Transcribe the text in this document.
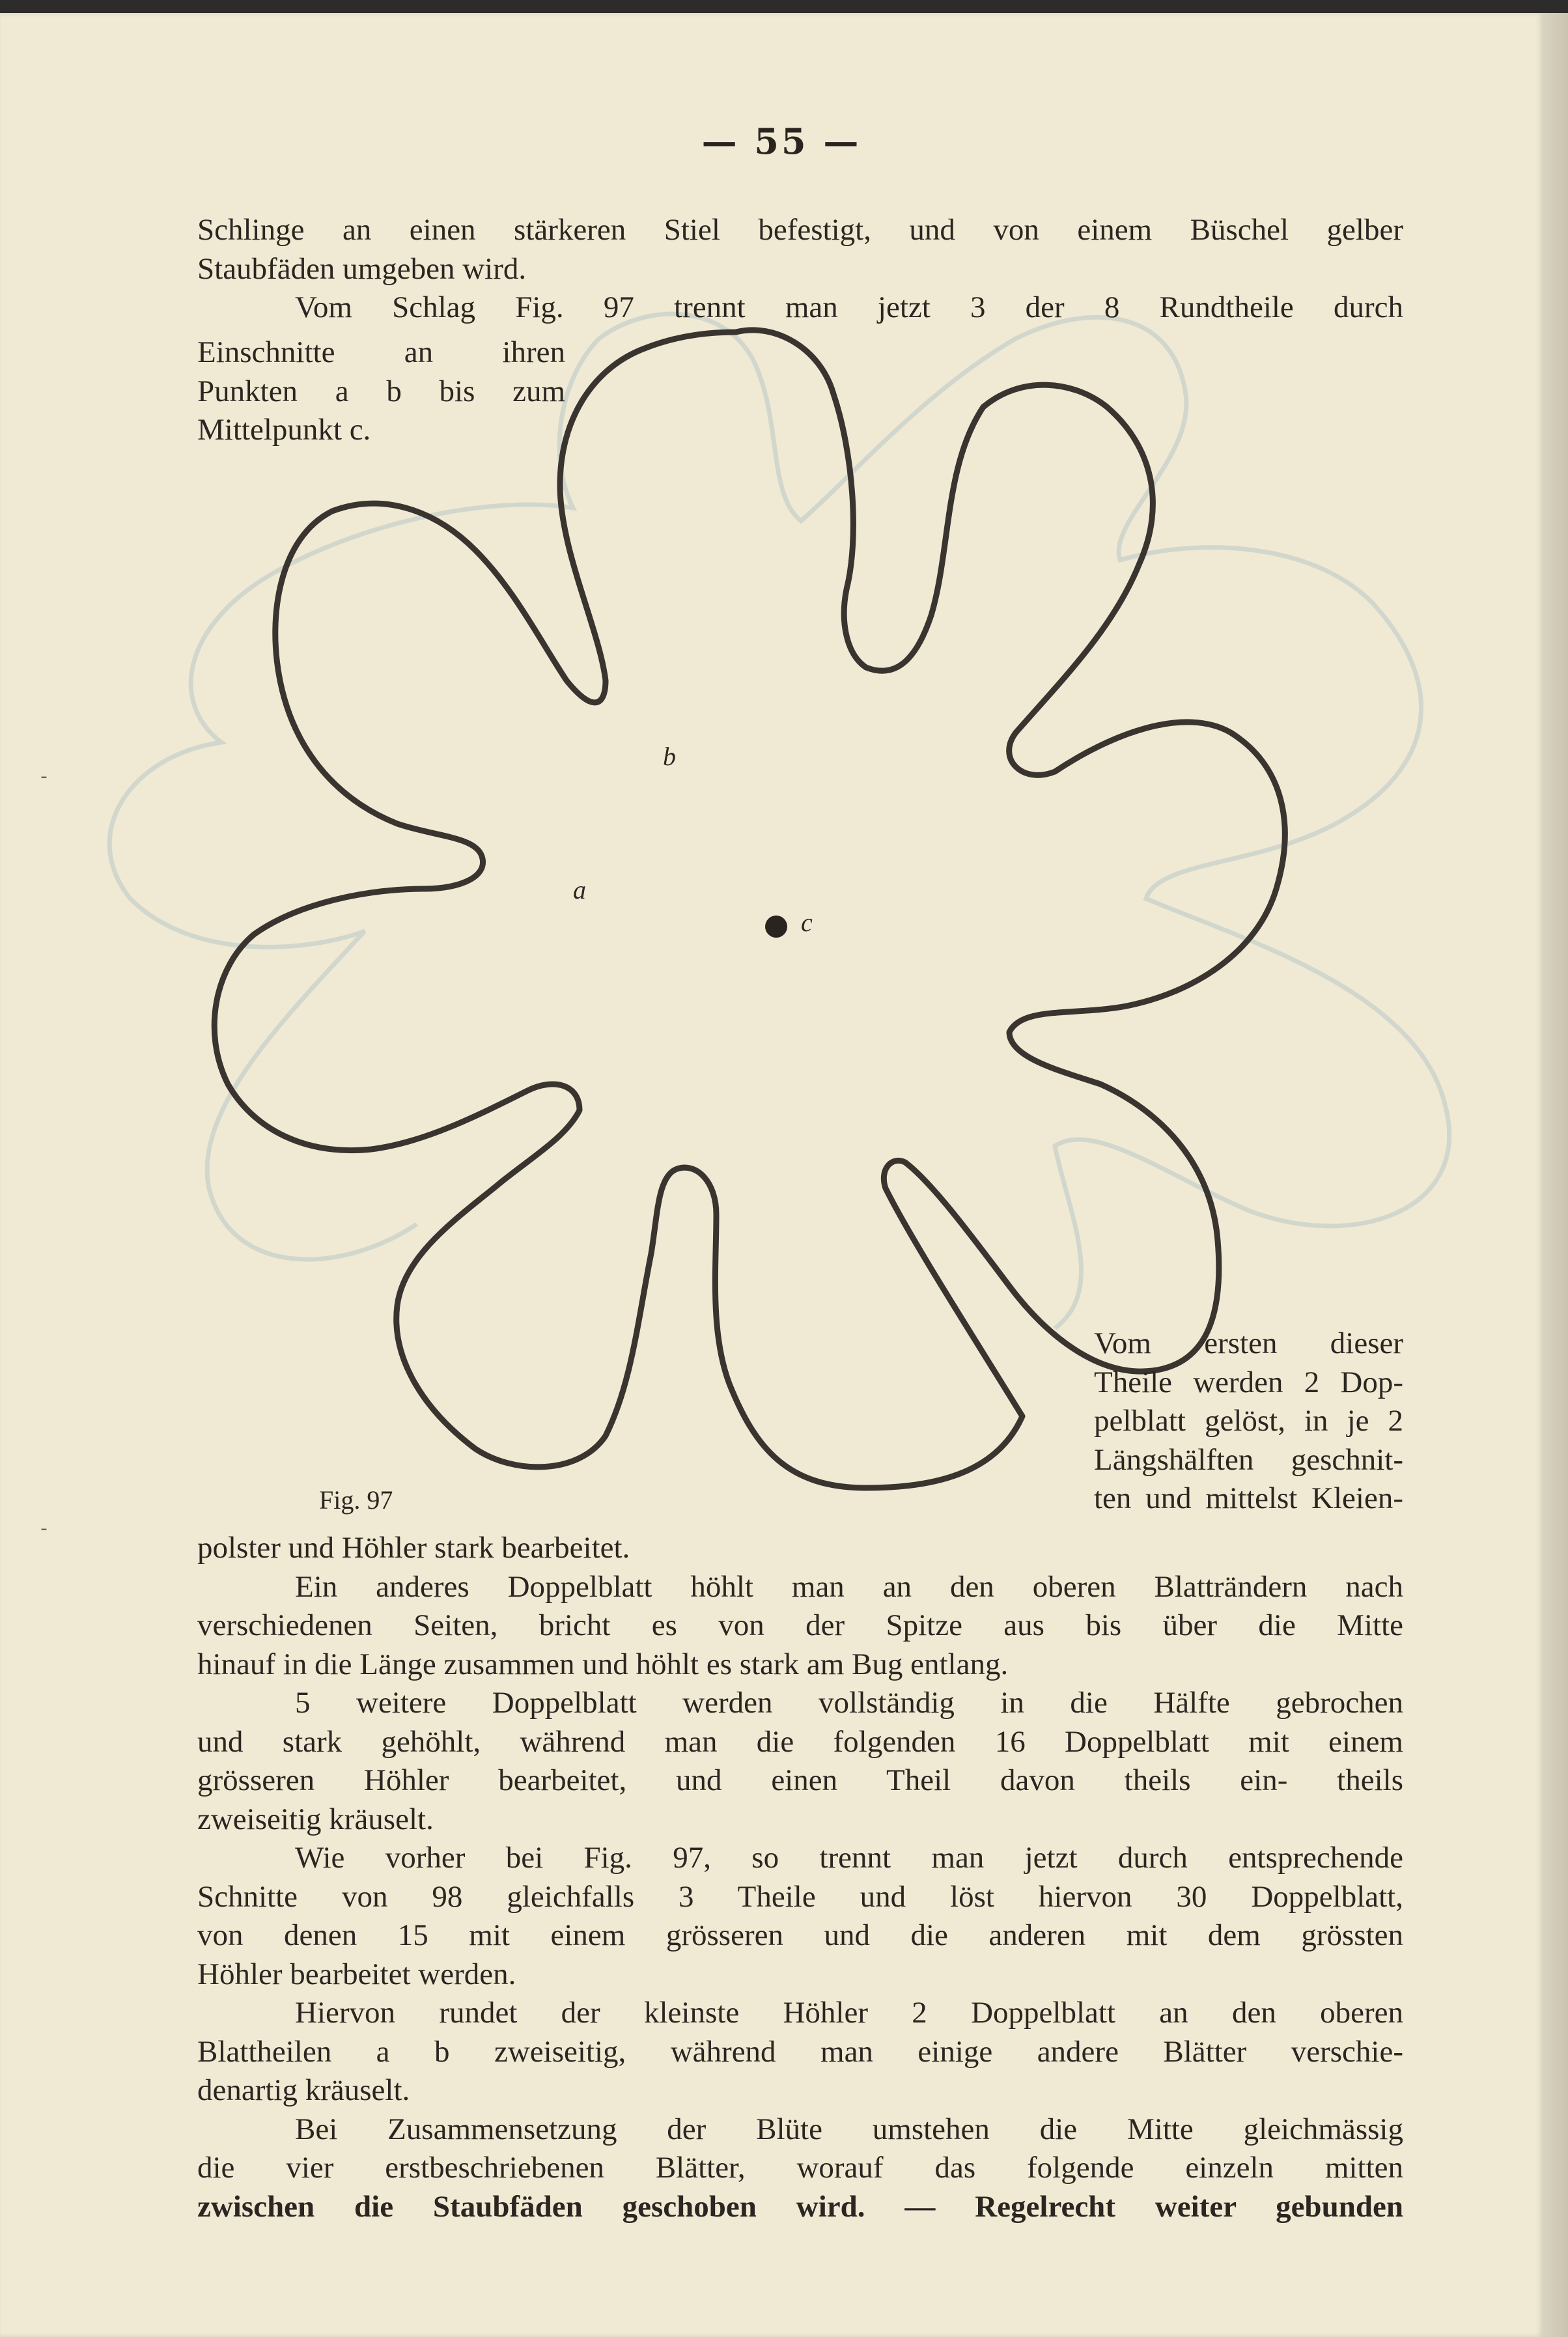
— 55 —
Schlinge an einen stärkeren Stiel befestigt, und von einem Büschel gelber
Staubfäden umgeben wird.
Vom Schlag Fig. 97 trennt man jetzt 3 der 8 Rundtheile durch
Einschnitte an ihren
Punkten a b bis zum
Mittelpunkt c.
a
b
c
Vom ersten dieser
Theile werden 2 Dop-
pelblatt gelöst, in je 2
Längshälften geschnit-
ten und mittelst Kleien-
Fig. 97
polster und Höhler stark bearbeitet.
Ein anderes Doppelblatt höhlt man an den oberen Blatträndern nach
verschiedenen Seiten, bricht es von der Spitze aus bis über die Mitte
hinauf in die Länge zusammen und höhlt es stark am Bug entlang.
5 weitere Doppelblatt werden vollständig in die Hälfte gebrochen
und stark gehöhlt, während man die folgenden 16 Doppelblatt mit einem
grösseren Höhler bearbeitet, und einen Theil davon theils ein- theils
zweiseitig kräuselt.
Wie vorher bei Fig. 97, so trennt man jetzt durch entsprechende
Schnitte von 98 gleichfalls 3 Theile und löst hiervon 30 Doppelblatt,
von denen 15 mit einem grösseren und die anderen mit dem grössten
Höhler bearbeitet werden.
Hiervon rundet der kleinste Höhler 2 Doppelblatt an den oberen
Blattheilen a b zweiseitig, während man einige andere Blätter verschie-
denartig kräuselt.
Bei Zusammensetzung der Blüte umstehen die Mitte gleichmässig
die vier erstbeschriebenen Blätter, worauf das folgende einzeln mitten
zwischen die Staubfäden geschoben wird. — Regelrecht weiter gebunden
‑
‑
